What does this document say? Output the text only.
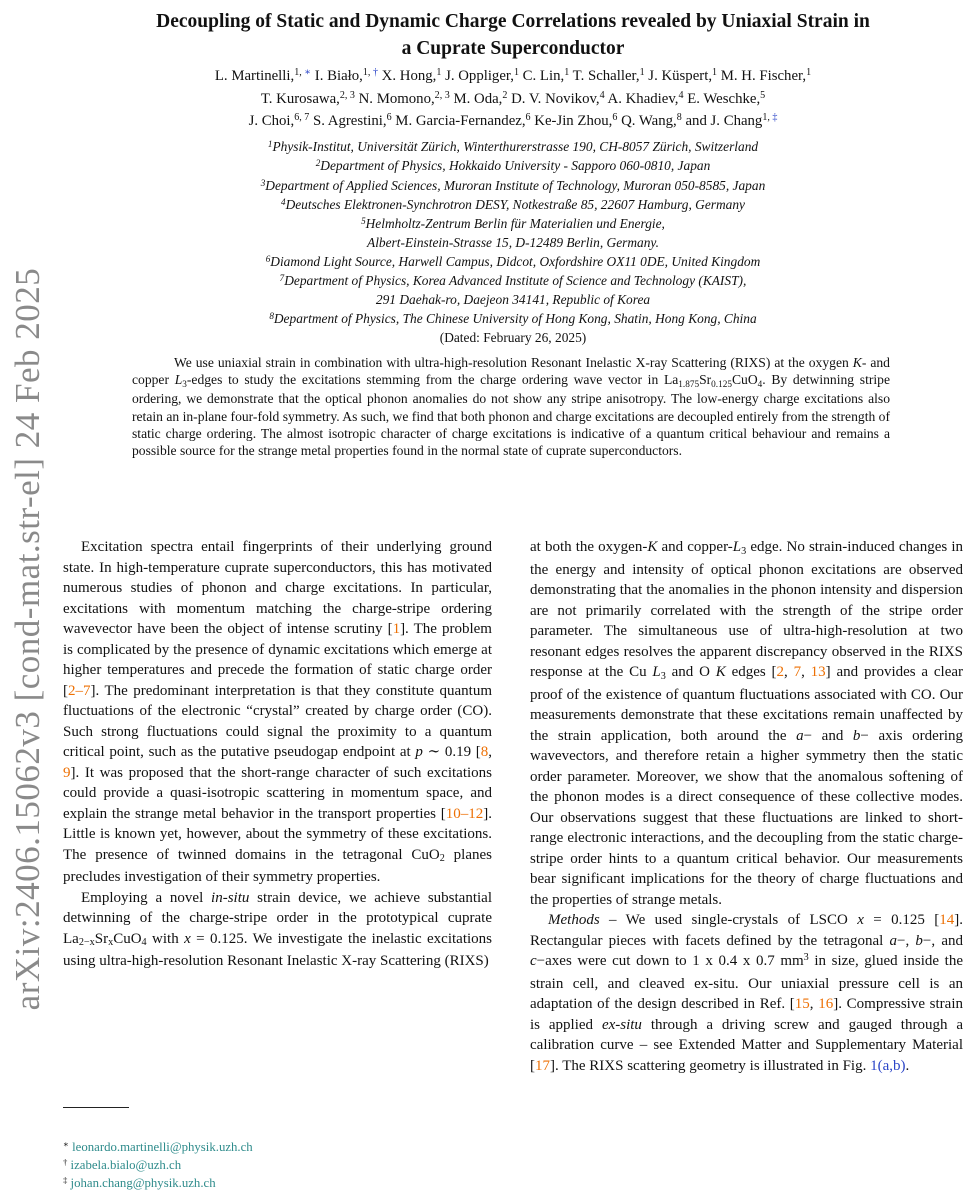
arXiv:2406.15062v3 [cond-mat.str-el] 24 Feb 2025
Decoupling of Static and Dynamic Charge Correlations revealed by Uniaxial Strain in
a Cuprate Superconductor
L. Martinelli,$^{1,}$ ∗ I. Biało,$^{1,}$ † X. Hong,$^1$ J. Oppliger,$^1$ C. Lin,$^1$ T. Schaller,$^1$ J. Küspert,$^1$ M. H. Fischer,$^1$
T. Kurosawa,$^{2, 3}$ N. Momono,$^{2, 3}$ M. Oda,$^2$ D. V. Novikov,$^4$ A. Khadiev,$^4$ E. Weschke,$^5$
J. Choi,$^{6, 7}$ S. Agrestini,$^6$ M. Garcia-Fernandez,$^6$ Ke-Jin Zhou,$^6$ Q. Wang,$^8$ and J. Chang$^{1,}$ ‡
$^1$Physik-Institut, Universität Zürich, Winterthurerstrasse 190, CH-8057 Zürich, Switzerland
$^2$Department of Physics, Hokkaido University - Sapporo 060-0810, Japan
$^3$Department of Applied Sciences, Muroran Institute of Technology, Muroran 050-8585, Japan
$^4$Deutsches Elektronen-Synchrotron DESY, Notkestraße 85, 22607 Hamburg, Germany
$^5$Helmholtz-Zentrum Berlin für Materialien und Energie,
Albert-Einstein-Strasse 15, D-12489 Berlin, Germany.
$^6$Diamond Light Source, Harwell Campus, Didcot, Oxfordshire OX11 0DE, United Kingdom
$^7$Department of Physics, Korea Advanced Institute of Science and Technology (KAIST),
291 Daehak-ro, Daejeon 34141, Republic of Korea
$^8$Department of Physics, The Chinese University of Hong Kong, Shatin, Hong Kong, China
(Dated: February 26, 2025)
We use uniaxial strain in combination with ultra-high-resolution Resonant Inelastic X-ray Scattering (RIXS) at the oxygen K- and copper L3-edges to study the excitations stemming from the charge ordering wave vector in La1.875Sr0.125CuO4. By detwinning stripe ordering, we demonstrate that the optical phonon anomalies do not show any stripe anisotropy. The low-energy charge excitations also retain an in-plane four-fold symmetry. As such, we find that both phonon and charge excitations are decoupled entirely from the strength of static charge ordering. The almost isotropic character of charge excitations is indicative of a quantum critical behaviour and remains a possible source for the strange metal properties found in the normal state of cuprate superconductors.

Excitation spectra entail fingerprints of their underlying ground state. In high-temperature cuprate superconductors, this has motivated numerous studies of phonon and charge excitations. In particular, excitations with momentum matching the charge-stripe ordering wavevector have been the object of intense scrutiny [1]. The problem is complicated by the presence of dynamic excitations which emerge at higher temperatures and precede the formation of static charge order [2–7]. The predominant interpretation is that they constitute quantum fluctuations of the electronic “crystal” created by charge order (CO). Such strong fluctuations could signal the proximity to a quantum critical point, such as the putative pseudogap endpoint at p ∼ 0.19 [8, 9]. It was proposed that the short-range character of such excitations could provide a quasi-isotropic scattering in momentum space, and explain the strange metal behavior in the transport properties [10–12]. Little is known yet, however, about the symmetry of these excitations. The presence of twinned domains in the tetragonal CuO2 planes precludes investigation of their symmetry properties.

Employing a novel in-situ strain device, we achieve substantial detwinning of the charge-stripe order in the prototypical cuprate La2−xSrxCuO4 with x = 0.125. We investigate the inelastic excitations using ultra-high-resolution Resonant Inelastic X-ray Scattering (RIXS)

at both the oxygen-K and copper-L3 edge. No strain-induced changes in the energy and intensity of optical phonon excitations are observed demonstrating that the anomalies in the phonon intensity and dispersion are not primarily correlated with the strength of the stripe order parameter. The simultaneous use of ultra-high-resolution at two resonant edges resolves the apparent discrepancy observed in the RIXS response at the Cu L3 and O K edges [2, 7, 13] and provides a clear proof of the existence of quantum fluctuations associated with CO. Our measurements demonstrate that these excitations remain unaffected by the strain application, both around the a− and b− axis ordering wavevectors, and therefore retain a higher symmetry then the static order parameter. Moreover, we show that the anomalous softening of the phonon modes is a direct consequence of these collective modes. Our observations suggest that these fluctuations are linked to short-range electronic interactions, and the decoupling from the static charge-stripe order hints to a quantum critical behavior. Our measurements bear significant implications for the theory of charge fluctuations and the properties of strange metals.

Methods – We used single-crystals of LSCO x = 0.125 [14]. Rectangular pieces with facets defined by the tetragonal a−, b−, and c−axes were cut down to 1 x 0.4 x 0.7 $mm^3$ in size, glued inside the strain cell, and cleaved ex-situ. Our uniaxial pressure cell is an adaptation of the design described in Ref. [15, 16]. Compressive strain is applied ex-situ through a driving screw and gauged through a calibration curve – see Extended Matter and Supplementary Material [17]. The RIXS scattering geometry is illustrated in Fig. 1(a,b).

∗ leonardo.martinelli@physik.uzh.ch
† izabela.bialo@uzh.ch
‡ johan.chang@physik.uzh.ch
